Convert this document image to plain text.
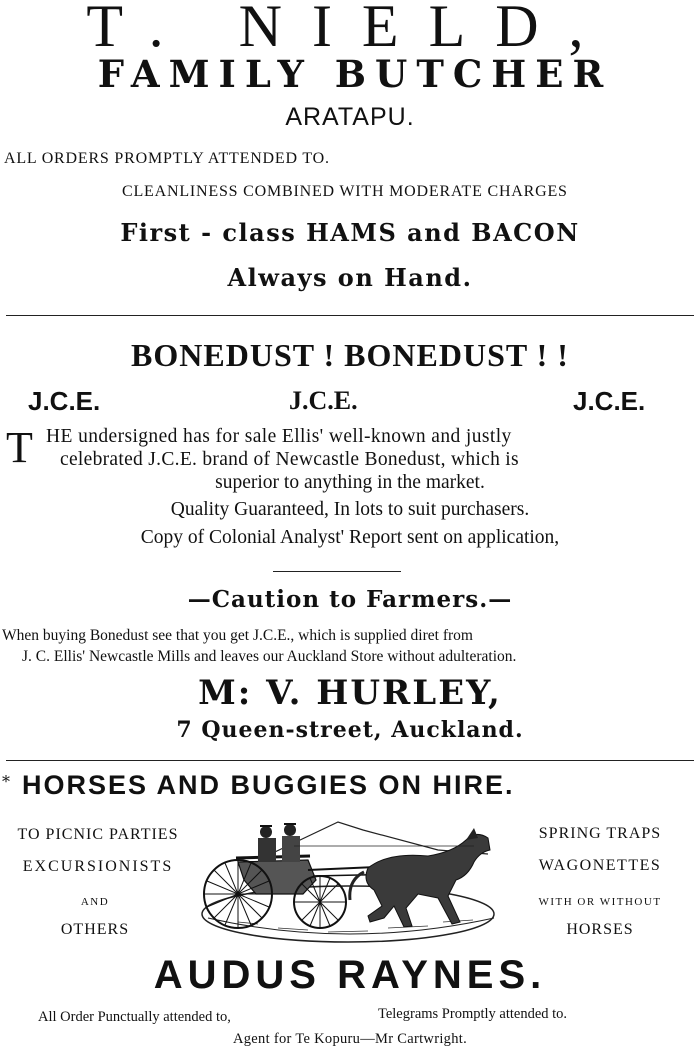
T. NIELD,
FAMILY BUTCHER
ARATAPU.
ALL ORDERS PROMPTLY ATTENDED TO.
CLEANLINESS COMBINED WITH MODERATE CHARGES
First - class HAMS and BACON
Always on Hand.
BONEDUST ! BONEDUST ! !
J.C.E.	J.C.E.	J.C.E.
T HE undersigned has for sale Ellis' well-known and justly
celebrated J.C.E. brand of Newcastle Bonedust, which is
superior to anything in the market.
Quality Guaranteed, In lots to suit purchasers.
Copy of Colonial Analyst' Report sent on application,
—Caution to Farmers.—
When buying Bonedust see that you get J.C.E., which is supplied diret from
J. C. Ellis' Newcastle Mills and leaves our Auckland Store without adulteration.
M: V. HURLEY,
7 Queen-street, Auckland.
* HORSES AND BUGGIES ON HIRE.
TO PICNIC PARTIES
EXCURSIONISTS
AND
OTHERS
SPRING TRAPS
WAGONETTES
WITH OR WITHOUT
HORSES
AUDUS RAYNES.
All Order Punctually attended to,	Telegrams Promptly attended to.
Agent for Te Kopuru—Mr Cartwright.
